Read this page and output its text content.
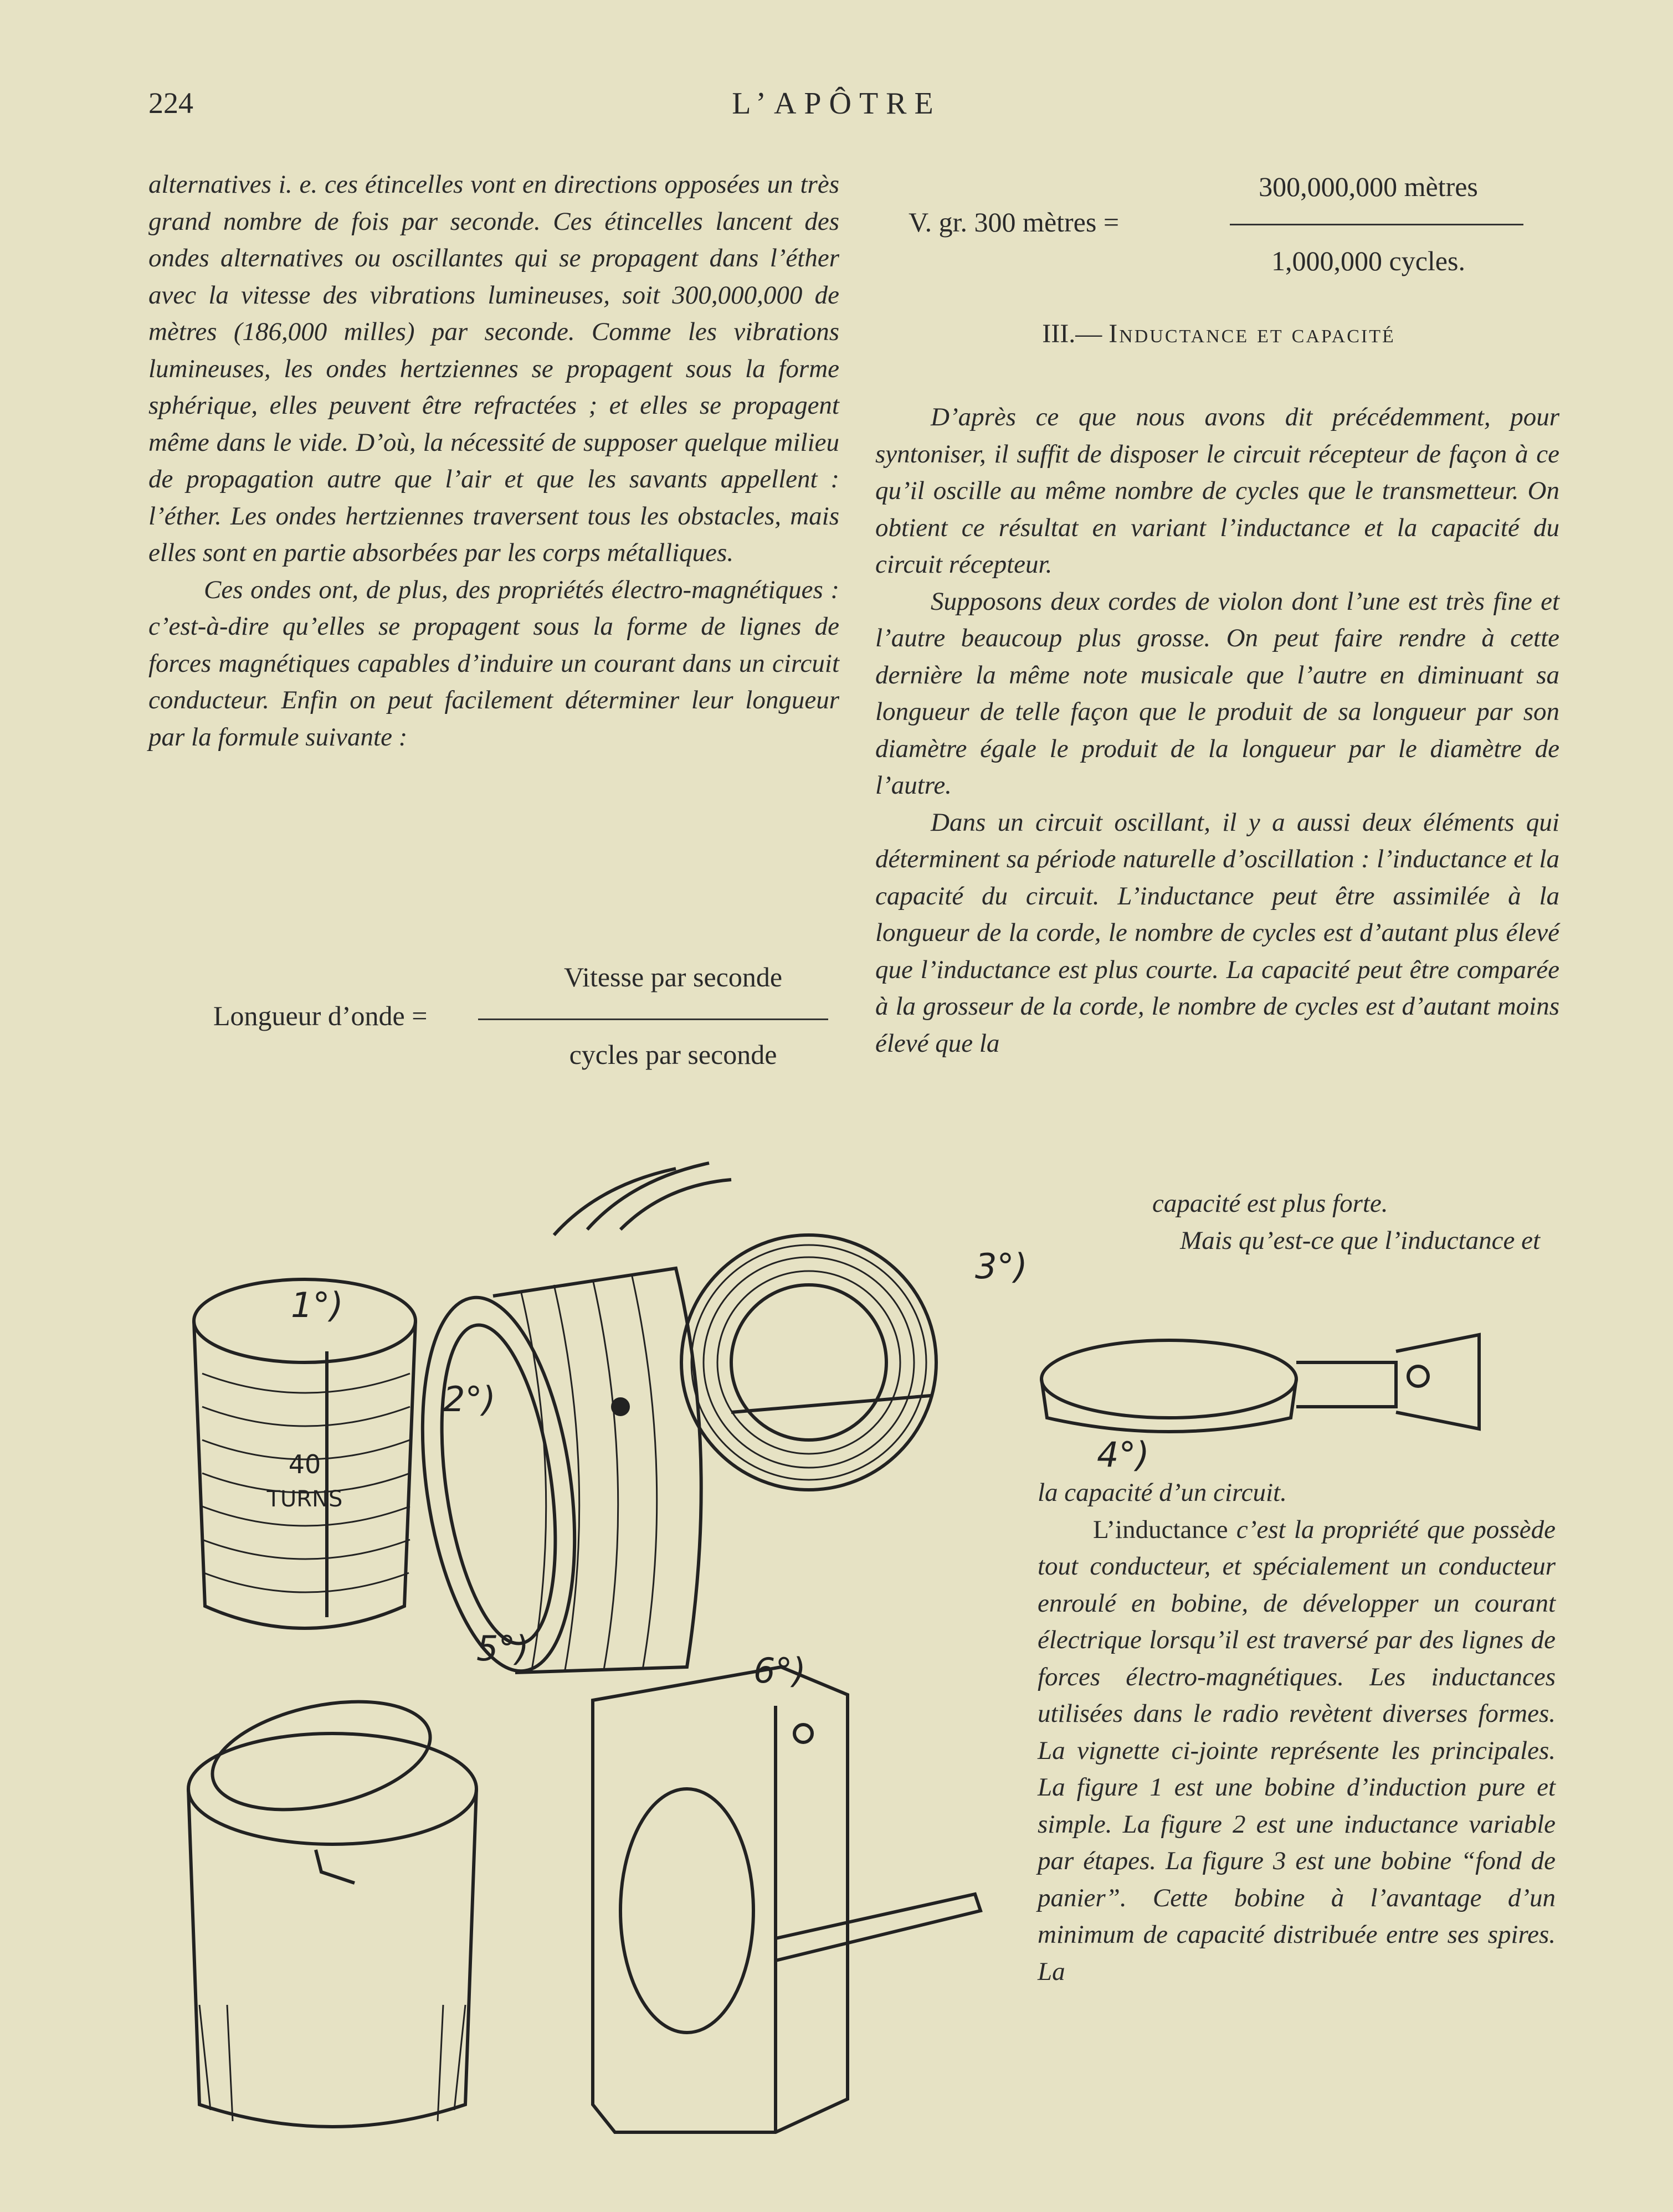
224	L’APÔTRE

alternatives i. e. ces étincelles vont en directions opposées un très grand nombre de fois par seconde. Ces étincelles lancent des ondes alternatives ou oscillantes qui se propagent dans l’éther avec la vitesse des vibrations lumineuses, soit 300,000,000 de mètres (186,000 milles) par seconde. Comme les vibrations lumineuses, les ondes hertziennes se propagent sous la forme sphérique, elles peuvent être refractées ; et elles se propagent même dans le vide. D’où, la nécessité de supposer quelque milieu de propagation autre que l’air et que les savants appellent : l’éther. Les ondes hertziennes traversent tous les obstacles, mais elles sont en partie absorbées par les corps métalliques.

Ces ondes ont, de plus, des propriétés électro-magnétiques : c’est-à-dire qu’elles se propagent sous la forme de lignes de forces magnétiques capables d’induire un courant dans un circuit conducteur. Enfin on peut facilement déterminer leur longueur par la formule suivante :

Vitesse par seconde
Longueur d’onde =
cycles par seconde
300,000,000 mètres
V. gr. 300 mètres =
1,000,000 cycles.
III.— Inductance et capacité

D’après ce que nous avons dit précédemment, pour syntoniser, il suffit de disposer le circuit récepteur de façon à ce qu’il oscille au même nombre de cycles que le transmetteur. On obtient ce résultat en variant l’inductance et la capacité du circuit récepteur.

Supposons deux cordes de violon dont l’une est très fine et l’autre beaucoup plus grosse. On peut faire rendre à cette dernière la même note musicale que l’autre en diminuant sa longueur de telle façon que le produit de sa longueur par son diamètre égale le produit de la longueur par le diamètre de l’autre.

Dans un circuit oscillant, il y a aussi deux éléments qui déterminent sa période naturelle d’oscillation : l’inductance et la capacité du circuit. L’inductance peut être assimilée à la longueur de la corde, le nombre de cycles est d’autant plus élevé que l’inductance est plus courte. La capacité peut être comparée à la grosseur de la corde, le nombre de cycles est d’autant moins élevé que la

capacité est plus forte.

Mais qu’est-ce que l’inductance et

la capacité d’un circuit.

L’inductance c’est la propriété que possède tout conducteur, et spécialement un conducteur enroulé en bobine, de développer un courant électrique lorsqu’il est traversé par des lignes de forces électro-magnétiques. Les inductances utilisées dans le radio revètent diverses formes. La vignette ci-jointe représente les principales. La figure 1 est une bobine d’induction pure et simple. La figure 2 est une inductance variable par étapes. La figure 3 est une bobine “fond de panier”. Cette bobine à l’avantage d’un minimum de capacité distribuée entre ses spires. La

40
TURNS
1°)
2°)
3°)
4°)
5°)
6°)
